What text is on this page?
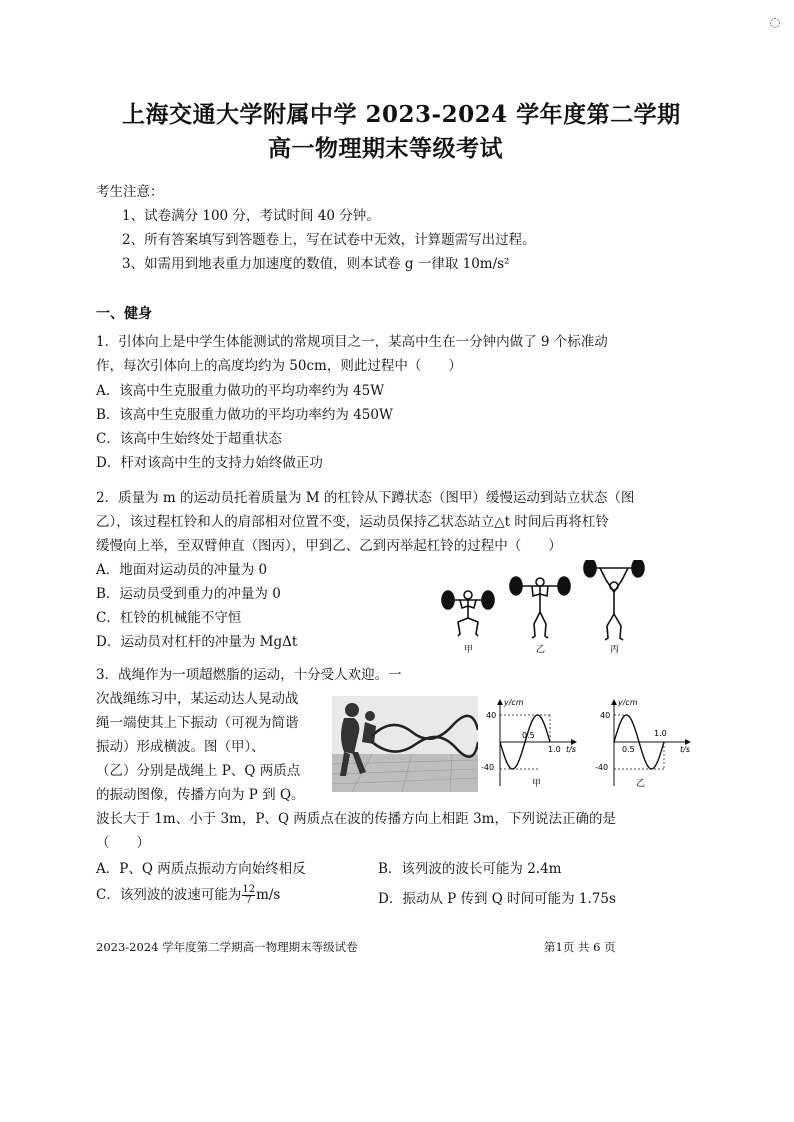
上海交通大学附属中学 2023-2024 学年度第二学期
高一物理期末等级考试
考生注意：
1、试卷满分 100 分，考试时间 40 分钟。
2、所有答案填写到答题卷上，写在试卷中无效，计算题需写出过程。
3、如需用到地表重力加速度的数值，则本试卷 g 一律取 10m/s²
一、健身
1．引体向上是中学生体能测试的常规项目之一，某高中生在一分钟内做了 9 个标准动
作，每次引体向上的高度均约为 50cm，则此过程中（　　）
A．该高中生克服重力做功的平均功率约为 45W
B．该高中生克服重力做功的平均功率约为 450W
C．该高中生始终处于超重状态
D．杆对该高中生的支持力始终做正功
2．质量为 m 的运动员托着质量为 M 的杠铃从下蹲状态（图甲）缓慢运动到站立状态（图
乙），该过程杠铃和人的肩部相对位置不变，运动员保持乙状态站立△t 时间后再将杠铃
缓慢向上举，至双臂伸直（图丙），甲到乙、乙到丙举起杠铃的过程中（　　）
A．地面对运动员的冲量为 0
B．运动员受到重力的冲量为 0
C．杠铃的机械能不守恒
D．运动员对杠杆的冲量为 MgΔt	甲	乙	丙
3．战绳作为一项超燃脂的运动，十分受人欢迎。一
次战绳练习中，某运动达人晃动战
绳一端使其上下振动（可视为简谐
振动）形成横波。图（甲）、
（乙）分别是战绳上 P、Q 两质点
的振动图像，传播方向为 P 到 Q。
波长大于 1m、小于 3m，P、Q 两质点在波的传播方向上相距 3m，下列说法正确的是
（　　）
A．P、Q 两质点振动方向始终相反	B．该列波的波长可能为 2.4m
C．该列波的波速可能为 $\frac{12}{7} m/s$	D．振动从 P 传到 Q 时间可能为 1.75s
y/cm
t/s
40
-40
0.5
1.0
甲
y/cm
t/s
40
-40
0.5
1.0
乙
2023-2024 学年度第二学期高一物理期末等级试卷	第1页 共 6 页
